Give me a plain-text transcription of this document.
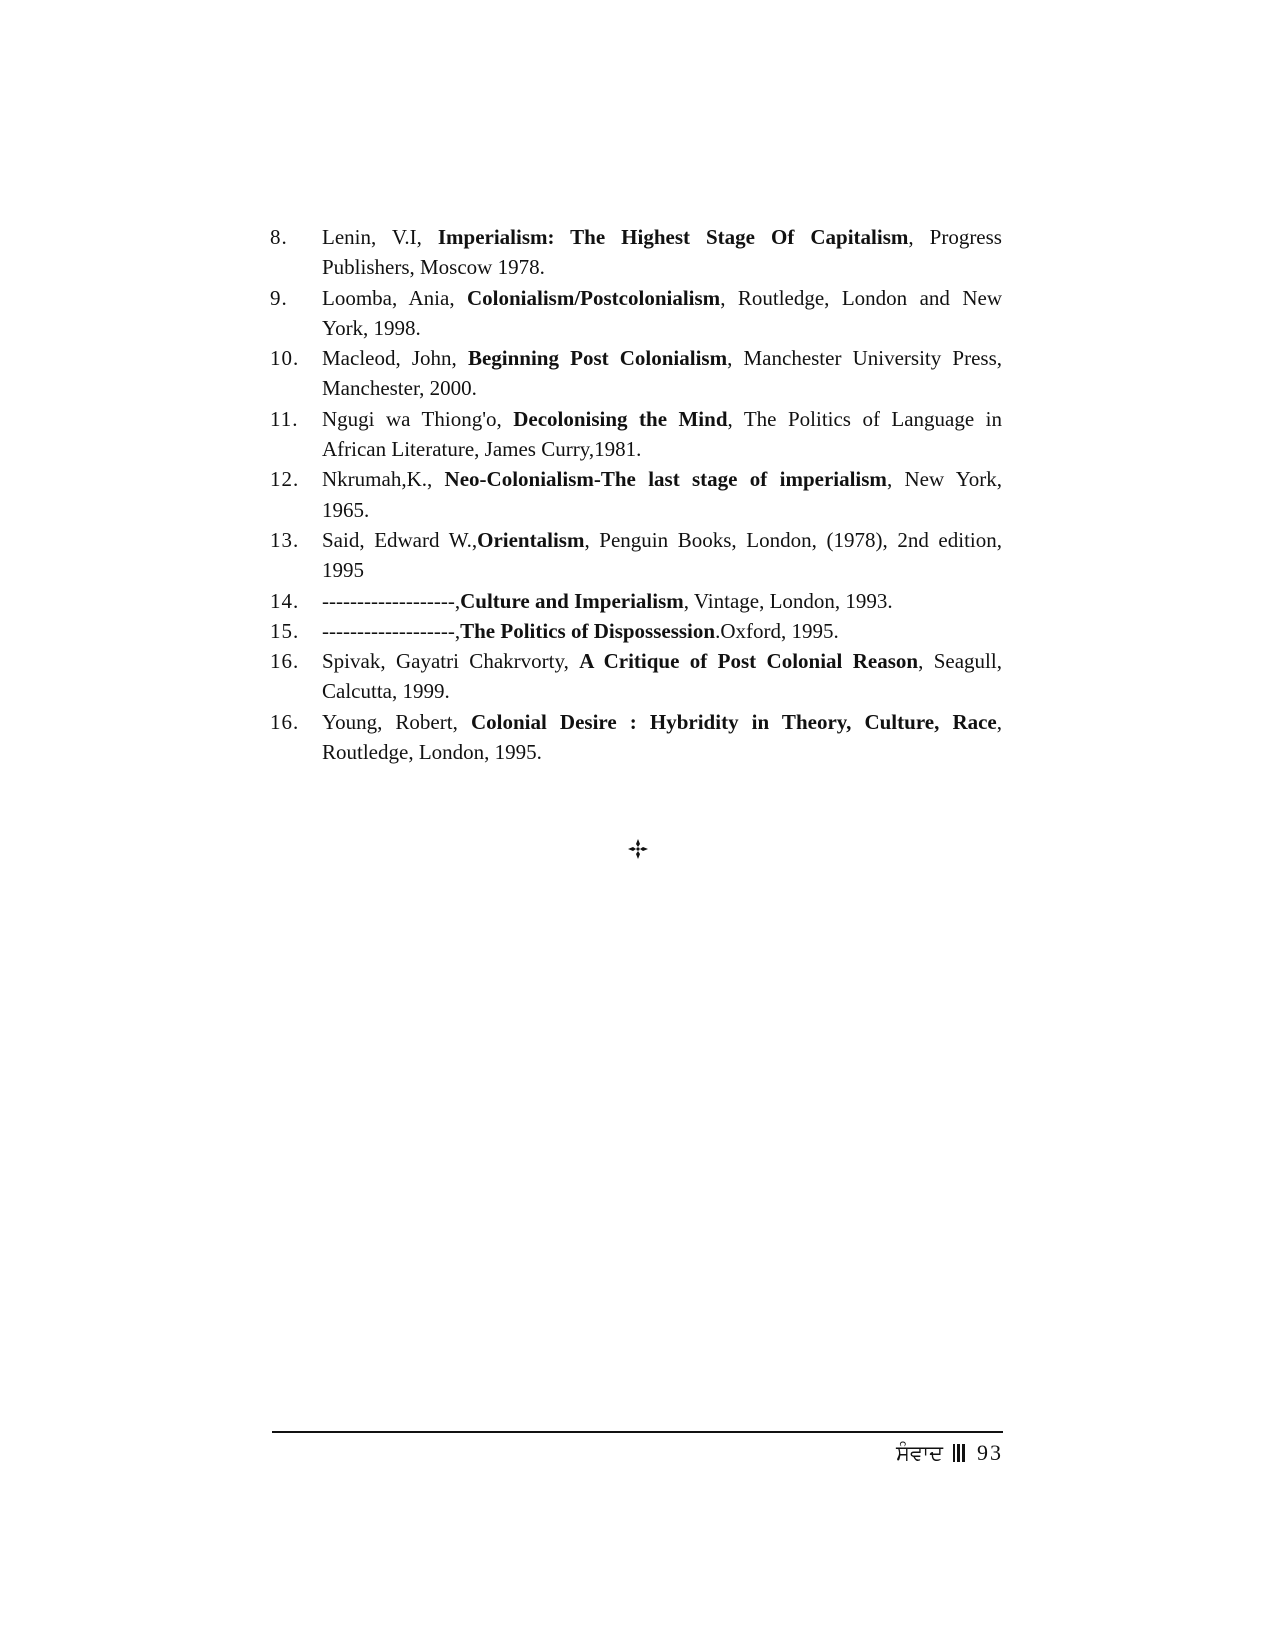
8.	Lenin, V.I, Imperialism: The Highest Stage Of Capitalism, Progress Publishers, Moscow 1978.
9.	Loomba, Ania, Colonialism/Postcolonialism, Routledge, London and New York, 1998.
10.	Macleod, John, Beginning Post Colonialism, Manchester University Press, Manchester, 2000.
11.	Ngugi wa Thiong'o, Decolonising the Mind, The Politics of Language in African Literature, James Curry,1981.
12.	Nkrumah,K., Neo-Colonialism-The last stage of imperialism, New York, 1965.
13.	Said, Edward W.,Orientalism, Penguin Books, London, (1978), 2nd edition, 1995
14.	-------------------,Culture and Imperialism, Vintage, London, 1993.
15.	-------------------,The Politics of Dispossession.Oxford, 1995.
16.	Spivak, Gayatri Chakrvorty, A Critique of Post Colonial Reason, Seagull, Calcutta, 1999.
16.	Young, Robert, Colonial Desire : Hybridity in Theory, Culture, Race, Routledge, London, 1995.
ਸੰਵਾਦ 93
